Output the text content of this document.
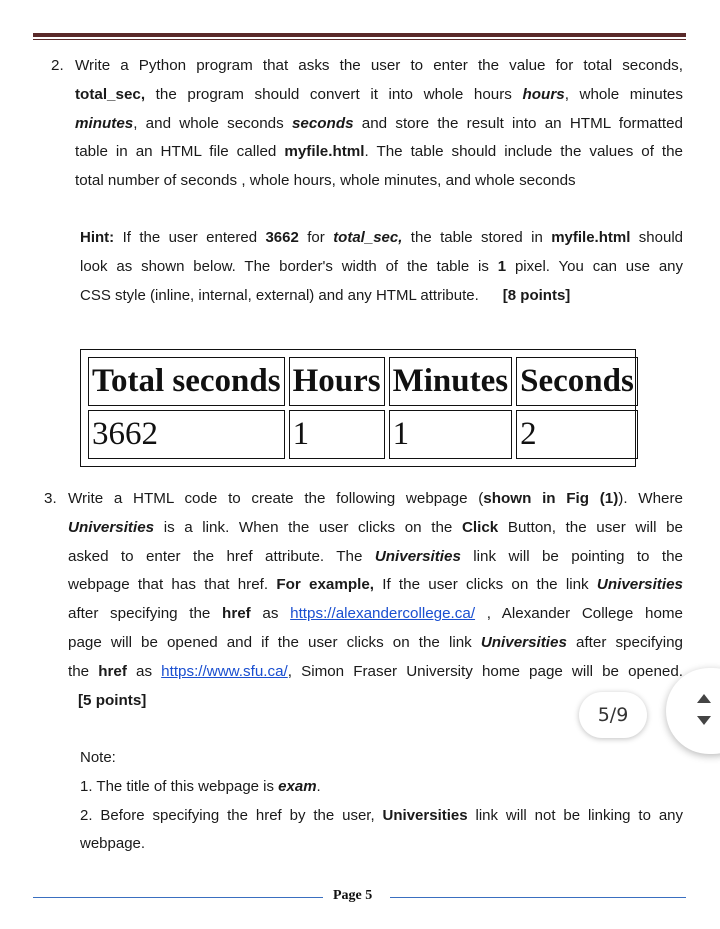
2. Write a Python program that asks the user to enter the value for total seconds,
total_sec, the program should convert it into whole hours hours, whole minutes
minutes, and whole seconds seconds and store the result into an HTML formatted
table in an HTML file called myfile.html. The table should include the values of the
total number of seconds , whole hours, whole minutes, and whole seconds
Hint: If the user entered 3662 for total_sec, the table stored in myfile.html should
look as shown below. The border's width of the table is 1 pixel. You can use any
CSS style (inline, internal, external) and any HTML attribute. [8 points]
Total seconds	Hours	Minutes	Seconds
3662	1	1	2
3. Write a HTML code to create the following webpage (shown in Fig (1)). Where
Universities is a link. When the user clicks on the Click Button, the user will be
asked to enter the href attribute. The Universities link will be pointing to the
webpage that has that href. For example, If the user clicks on the link Universities
after specifying the href as https://alexandercollege.ca/ , Alexander College home
page will be opened and if the user clicks on the link Universities after specifying
the href as https://www.sfu.ca/, Simon Fraser University home page will be opened.
[5 points]
Note:
1. The title of this webpage is exam.
2. Before specifying the href by the user, Universities link will not be linking to any
webpage.
5/9
Page 5
